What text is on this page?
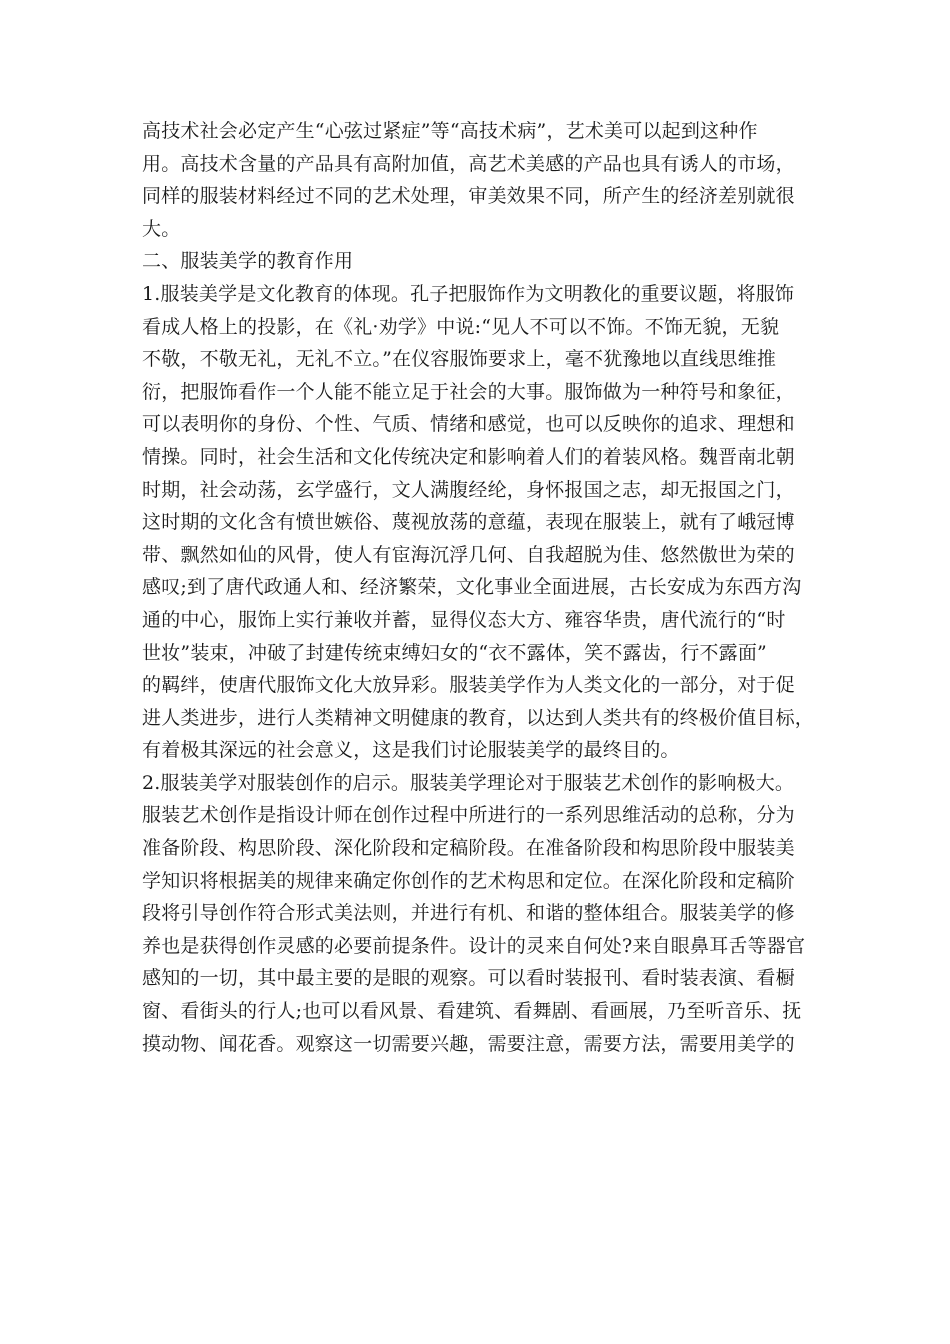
高技术社会必定产生“心弦过紧症”等“高技术病”，艺术美可以起到这种作
用。高技术含量的产品具有高附加值，高艺术美感的产品也具有诱人的市场，
同样的服装材料经过不同的艺术处理，审美效果不同，所产生的经济差别就很
大。
二、服装美学的教育作用
1.服装美学是文化教育的体现。孔子把服饰作为文明教化的重要议题，将服饰
看成人格上的投影，在《礼·劝学》中说:“见人不可以不饰。不饰无貌，无貌
不敬，不敬无礼，无礼不立。”在仪容服饰要求上，毫不犹豫地以直线思维推
衍，把服饰看作一个人能不能立足于社会的大事。服饰做为一种符号和象征，
可以表明你的身份、个性、气质、情绪和感觉，也可以反映你的追求、理想和
情操。同时，社会生活和文化传统决定和影响着人们的着装风格。魏晋南北朝
时期，社会动荡，玄学盛行，文人满腹经纶，身怀报国之志，却无报国之门，
这时期的文化含有愤世嫉俗、蔑视放荡的意蕴，表现在服装上，就有了峨冠博
带、飘然如仙的风骨，使人有宦海沉浮几何、自我超脱为佳、悠然傲世为荣的
感叹;到了唐代政通人和、经济繁荣，文化事业全面进展，古长安成为东西方沟
通的中心，服饰上实行兼收并蓄，显得仪态大方、雍容华贵，唐代流行的“时
世妆”装束，冲破了封建传统束缚妇女的“衣不露体，笑不露齿，行不露面”
的羁绊，使唐代服饰文化大放异彩。服装美学作为人类文化的一部分，对于促
进人类进步，进行人类精神文明健康的教育，以达到人类共有的终极价值目标，
有着极其深远的社会意义，这是我们讨论服装美学的最终目的。
2.服装美学对服装创作的启示。服装美学理论对于服装艺术创作的影响极大。
服装艺术创作是指设计师在创作过程中所进行的一系列思维活动的总称，分为
准备阶段、构思阶段、深化阶段和定稿阶段。在准备阶段和构思阶段中服装美
学知识将根据美的规律来确定你创作的艺术构思和定位。在深化阶段和定稿阶
段将引导创作符合形式美法则，并进行有机、和谐的整体组合。服装美学的修
养也是获得创作灵感的必要前提条件。设计的灵来自何处?来自眼鼻耳舌等器官
感知的一切，其中最主要的是眼的观察。可以看时装报刊、看时装表演、看橱
窗、看街头的行人;也可以看风景、看建筑、看舞剧、看画展，乃至听音乐、抚
摸动物、闻花香。观察这一切需要兴趣，需要注意，需要方法，需要用美学的
